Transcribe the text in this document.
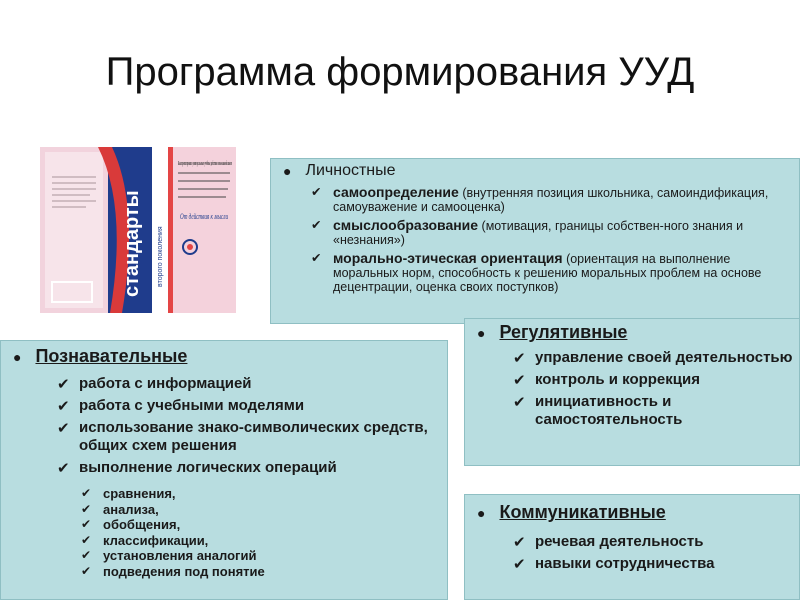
Программа формирования УУД
стандарты второго поколения
Как проектировать универсальные учебные действия в начальной школе
От действия к мысли
● Личностные
✔ самоопределение (внутренняя позиция школьника, самоиндификация, самоуважение и самооценка)
✔ смыслообразование (мотивация, границы собствен-ного знания и «незнания»)
✔ морально-этическая ориентация (ориентация на выполнение моральных норм, способность к решению моральных проблем на основе децентрации, оценка своих поступков)
● Познавательные
✔ работа с информацией
✔ работа с учебными моделями
✔ использование знако-символических средств, общих схем решения
✔ выполнение логических операций
✔ сравнения,
✔ анализа,
✔ обобщения,
✔ классификации,
✔ установления аналогий
✔ подведения под понятие
● Регулятивные
✔ управление своей деятельностью
✔ контроль и коррекция
✔ инициативность и самостоятельность
● Коммуникативные
✔ речевая деятельность
✔ навыки сотрудничества
